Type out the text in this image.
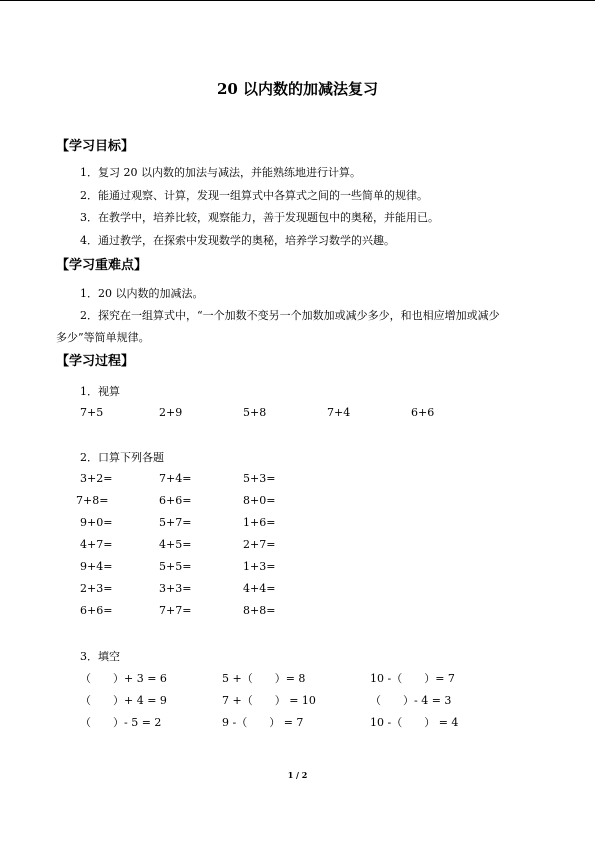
20 以内数的加减法复习
【学习目标】
1．复习 20 以内数的加法与减法，并能熟练地进行计算。
2．能通过观察、计算，发现一组算式中各算式之间的一些简单的规律。
3．在教学中，培养比较，观察能力，善于发现题包中的奥秘，并能用已。
4．通过教学，在探索中发现数学的奥秘，培养学习数学的兴趣。
【学习重难点】
1．20 以内数的加减法。
2．探究在一组算式中，“一个加数不变另一个加数加或减少多少，和也相应增加或减少
多少”等简单规律。
【学习过程】
1．视算
7+5	2+9	5+8	7+4	6+6
2．口算下列各题
3+2=	7+4=	5+3=
7+8=	6+6=	8+0=
9+0=	5+7=	1+6=
4+7=	4+5=	2+7=
9+4=	5+5=	1+3=
2+3=	3+3=	4+4=
6+6=	7+7=	8+8=
3．填空
（　　）+ 3 = 6	5 +（　　）= 8	10 -（　　）= 7
（　　）+ 4 = 9	7 +（　　） = 10	（　　）- 4 = 3
（　　）- 5 = 2	9 -（　　） = 7	10 -（　　） = 4
1 / 2
